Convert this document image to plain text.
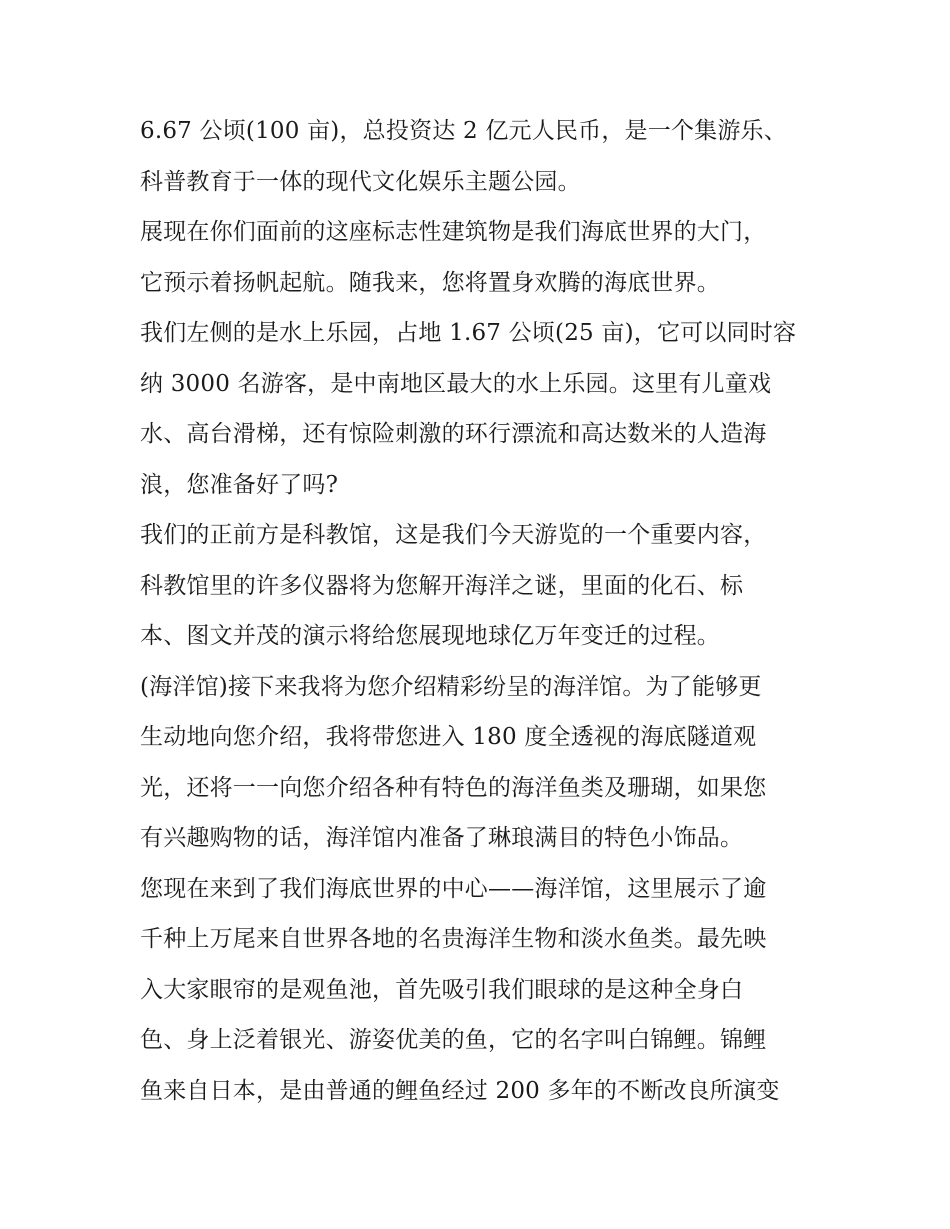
6.67 公顷(100 亩)，总投资达 2 亿元人民币，是一个集游乐、
科普教育于一体的现代文化娱乐主题公园。
展现在你们面前的这座标志性建筑物是我们海底世界的大门，
它预示着扬帆起航。随我来，您将置身欢腾的海底世界。
我们左侧的是水上乐园，占地 1.67 公顷(25 亩)，它可以同时容
纳 3000 名游客，是中南地区最大的水上乐园。这里有儿童戏
水、高台滑梯，还有惊险刺激的环行漂流和高达数米的人造海
浪，您准备好了吗?
我们的正前方是科教馆，这是我们今天游览的一个重要内容，
科教馆里的许多仪器将为您解开海洋之谜，里面的化石、标
本、图文并茂的演示将给您展现地球亿万年变迁的过程。
(海洋馆)接下来我将为您介绍精彩纷呈的海洋馆。为了能够更
生动地向您介绍，我将带您进入 180 度全透视的海底隧道观
光，还将一一向您介绍各种有特色的海洋鱼类及珊瑚，如果您
有兴趣购物的话，海洋馆内准备了琳琅满目的特色小饰品。
您现在来到了我们海底世界的中心——海洋馆，这里展示了逾
千种上万尾来自世界各地的名贵海洋生物和淡水鱼类。最先映
入大家眼帘的是观鱼池，首先吸引我们眼球的是这种全身白
色、身上泛着银光、游姿优美的鱼，它的名字叫白锦鲤。锦鲤
鱼来自日本，是由普通的鲤鱼经过 200 多年的不断改良所演变
